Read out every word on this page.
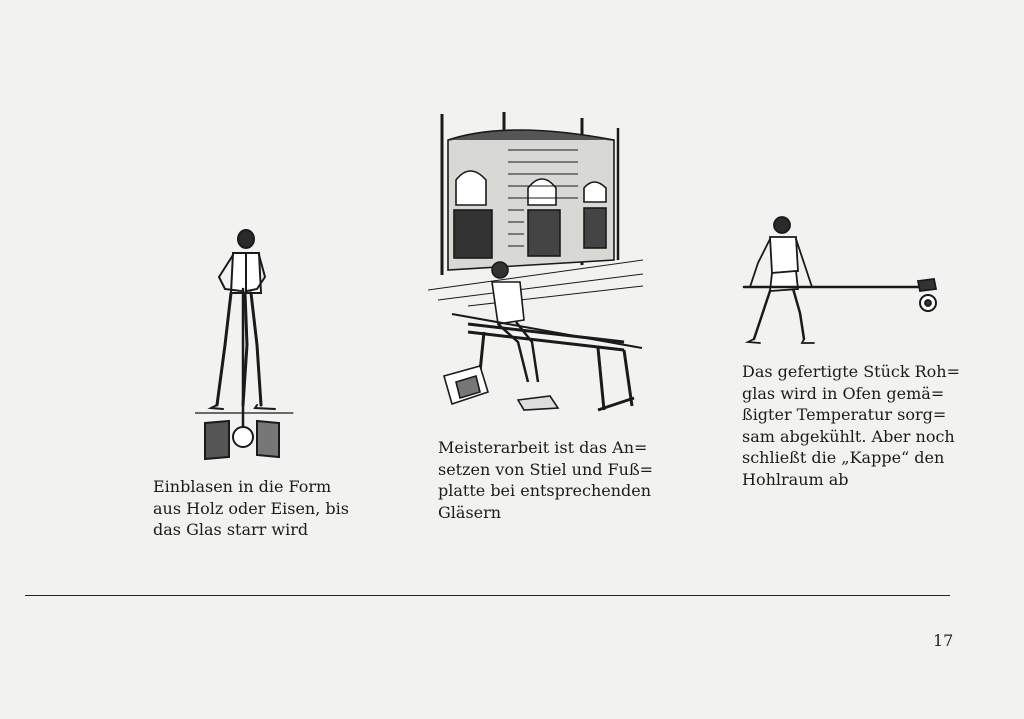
Einblasen in die Form
aus Holz oder Eisen, bis
das Glas starr wird

Meisterarbeit ist das An=
setzen von Stiel und Fuß=
platte bei entsprechenden
Gläsern

Das gefertigte Stück Roh=
glas wird in Ofen gemä=
ßigter Temperatur sorg=
sam abgekühlt. Aber noch
schließt die „Kappe“ den
Hohlraum ab

17
